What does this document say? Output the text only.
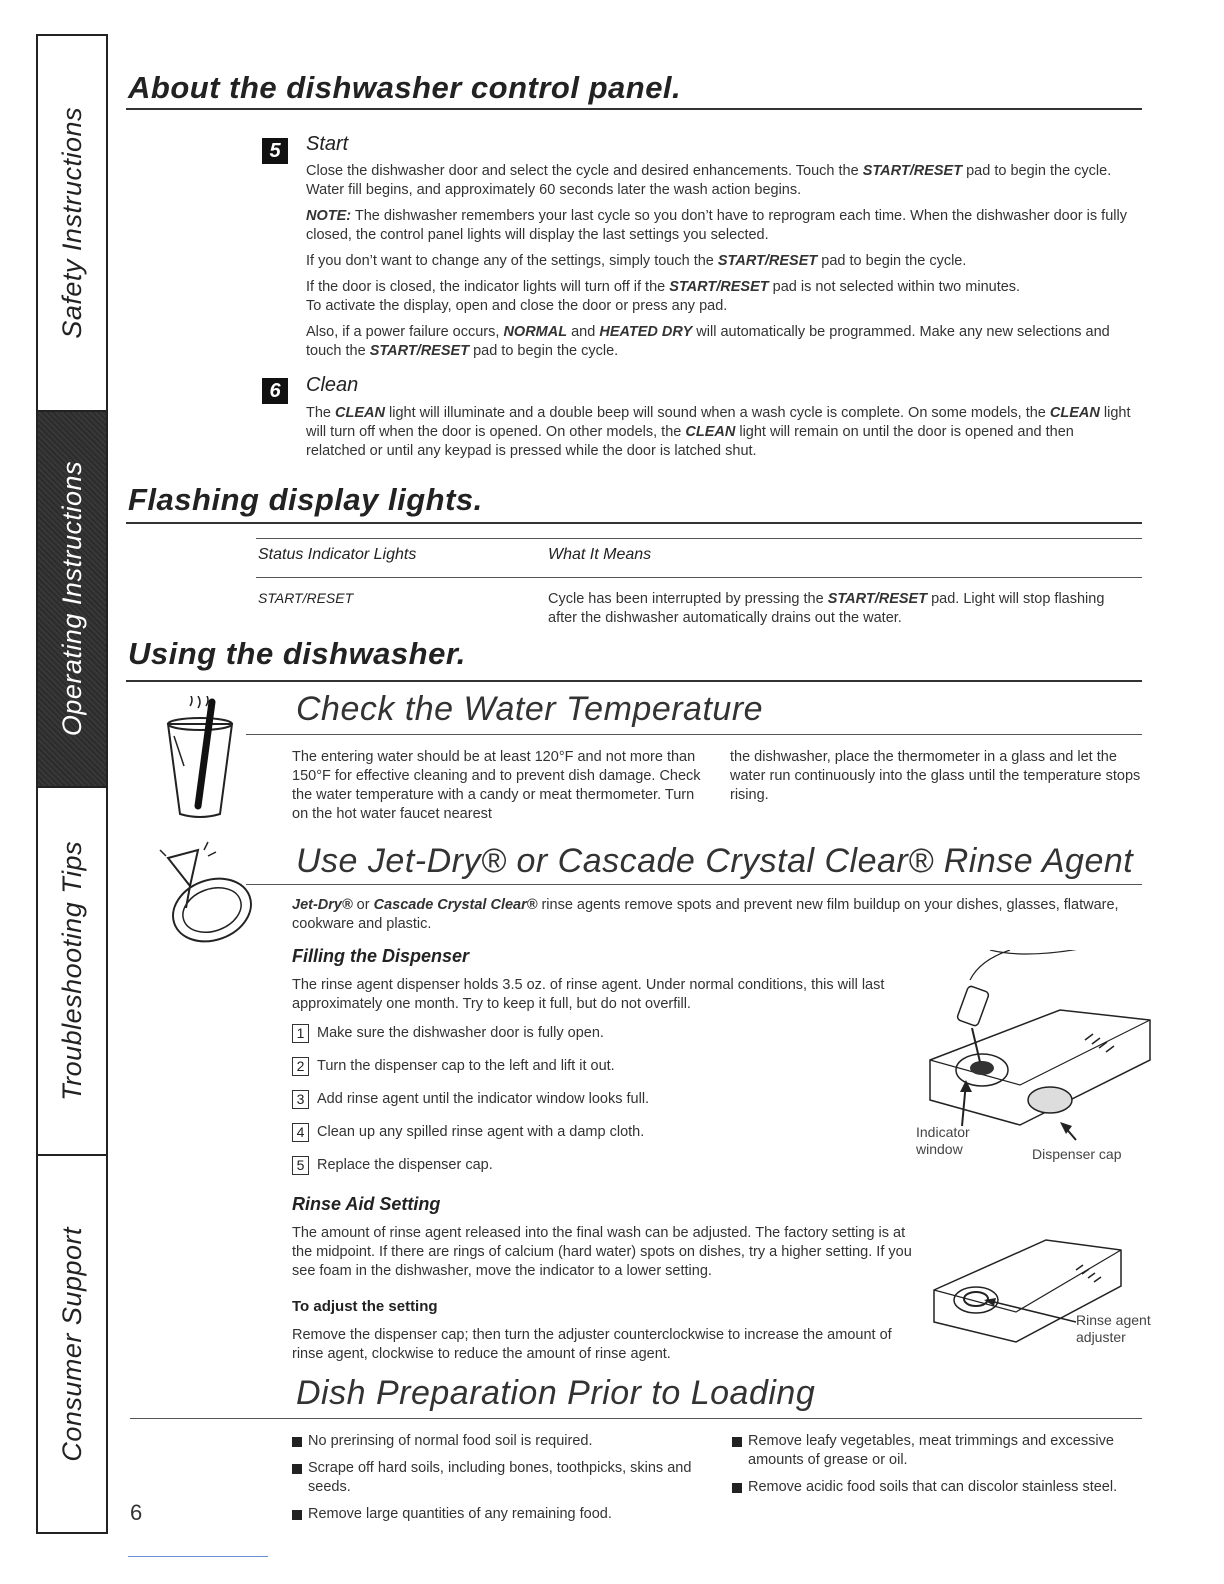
Safety Instructions
Operating Instructions
Troubleshooting Tips
Consumer Support
6
About the dishwasher control panel.
5	Start
Close the dishwasher door and select the cycle and desired enhancements. Touch the START/RESET pad to begin the cycle. Water fill begins, and approximately 60 seconds later the wash action begins.
NOTE: The dishwasher remembers your last cycle so you don’t have to reprogram each time. When the dishwasher door is fully closed, the control panel lights will display the last settings you selected.
If you don’t want to change any of the settings, simply touch the START/RESET pad to begin the cycle.
If the door is closed, the indicator lights will turn off if the START/RESET pad is not selected within two minutes.
To activate the display, open and close the door or press any pad.
Also, if a power failure occurs, NORMAL and HEATED DRY will automatically be programmed. Make any new selections and touch the START/RESET pad to begin the cycle.
6	Clean
The CLEAN light will illuminate and a double beep will sound when a wash cycle is complete. On some models, the CLEAN light will turn off when the door is opened. On other models, the CLEAN light will remain on until the door is opened and then relatched or until any keypad is pressed while the door is latched shut.
Flashing display lights.
Status Indicator Lights	What It Means
START/RESET	Cycle has been interrupted by pressing the START/RESET pad. Light will stop flashing after the dishwasher automatically drains out the water.
Using the dishwasher.
Check the Water Temperature
The entering water should be at least 120°F and not more than 150°F for effective cleaning and to prevent dish damage. Check the water temperature with a candy or meat thermometer. Turn on the hot water faucet nearest
the dishwasher, place the thermometer in a glass and let the water run continuously into the glass until the temperature stops rising.
Use Jet-Dry® or Cascade Crystal Clear® Rinse Agent
Jet-Dry® or Cascade Crystal Clear® rinse agents remove spots and prevent new film buildup on your dishes, glasses, flatware, cookware and plastic.
Filling the Dispenser
The rinse agent dispenser holds 3.5 oz. of rinse agent. Under normal conditions, this will last approximately one month. Try to keep it full, but do not overfill.
1 Make sure the dishwasher door is fully open.
2 Turn the dispenser cap to the left and lift it out.
3 Add rinse agent until the indicator window looks full.
4 Clean up any spilled rinse agent with a damp cloth.
5 Replace the dispenser cap.
Indicator window	Dispenser cap
Rinse Aid Setting
The amount of rinse agent released into the final wash can be adjusted. The factory setting is at the midpoint. If there are rings of calcium (hard water) spots on dishes, try a higher setting. If you see foam in the dishwasher, move the indicator to a lower setting.
To adjust the setting
Remove the dispenser cap; then turn the adjuster counterclockwise to increase the amount of rinse agent, clockwise to reduce the amount of rinse agent.
Rinse agent adjuster
Dish Preparation Prior to Loading
No prerinsing of normal food soil is required.
Scrape off hard soils, including bones, toothpicks, skins and seeds.
Remove large quantities of any remaining food.
Remove leafy vegetables, meat trimmings and excessive amounts of grease or oil.
Remove acidic food soils that can discolor stainless steel.
